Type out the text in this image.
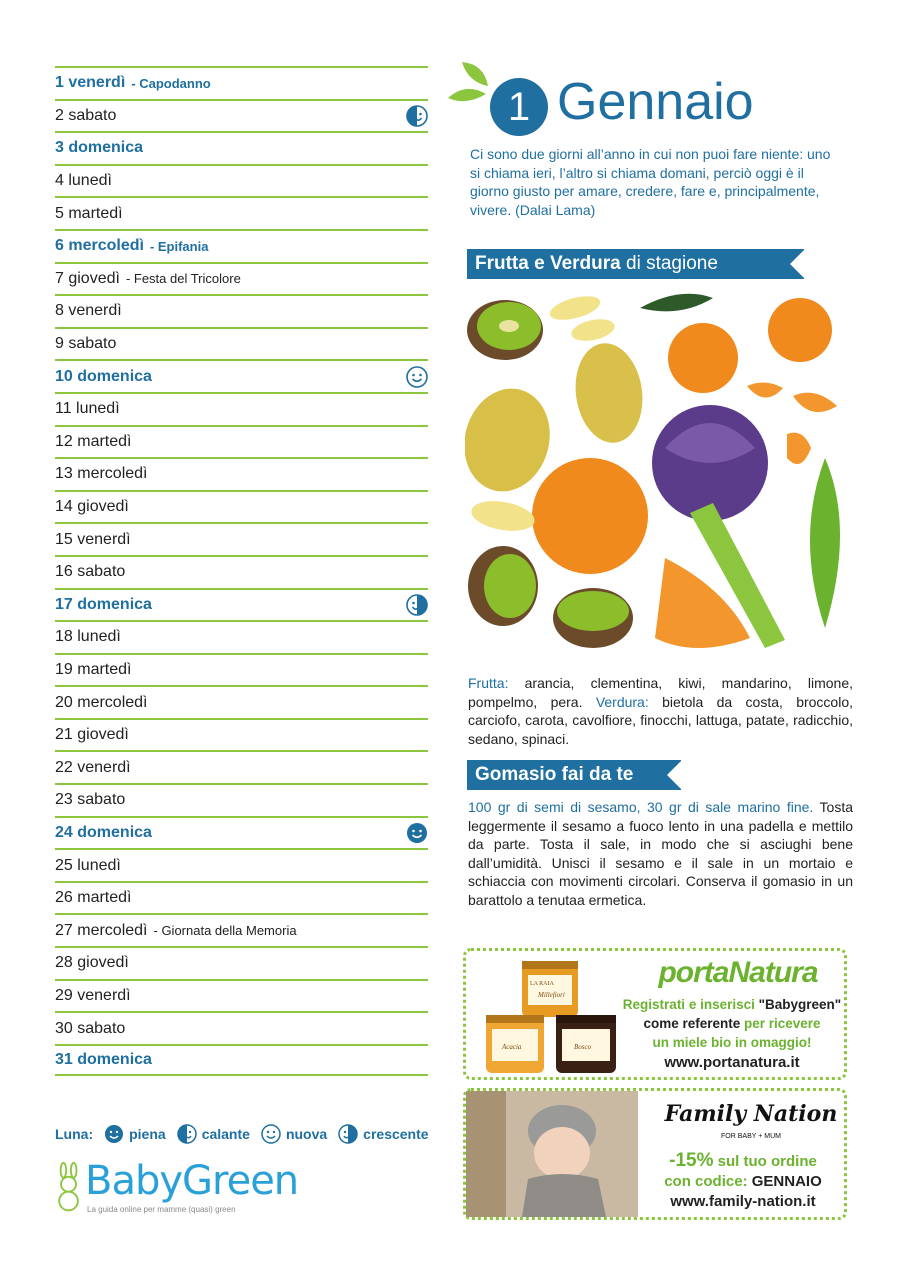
1 venerdì - Capodanno
2 sabato
3 domenica
4 lunedì
5 martedì
6 mercoledì - Epifania
7 giovedì - Festa del Tricolore
8 venerdì
9 sabato
10 domenica
11 lunedì
12 martedì
13 mercoledì
14 giovedì
15 venerdì
16 sabato
17 domenica
18 lunedì
19 martedì
20 mercoledì
21 giovedì
22 venerdì
23 sabato
24 domenica
25 lunedì
26 martedì
27 mercoledì - Giornata della Memoria
28 giovedì
29 venerdì
30 sabato
31 domenica
Luna:	piena	calante	nuova	crescente
BabyGreen
La guida online per mamme (quasi) green
1 Gennaio
Ci sono due giorni all’anno in cui non puoi fare niente: uno si chiama ieri, l’altro si chiama domani, perciò oggi è il giorno giusto per amare, credere, fare e, principalmente, vivere. (Dalai Lama)
Frutta e Verdura di stagione
Frutta: arancia, clementina, kiwi, mandarino, limone, pompelmo, pera. Verdura: bietola da costa, broccolo, carciofo, carota, cavolfiore, finocchi, lattuga, patate, radicchio, sedano, spinaci.
Gomasio fai da te
100 gr di semi di sesamo, 30 gr di sale marino fine. Tosta leggermente il sesamo a fuoco lento in una padella e mettilo da parte. Tosta il sale, in modo che si asciughi bene dall’umidità. Unisci il sesamo e il sale in un mortaio e schiaccia con movimenti circolari. Conserva il gomasio in un barattolo a tenutaa ermetica.
LA RAIA
Millefiori
Acacia	Bosco
portaNatura
Registrati e inserisci "Babygreen"
come referente per ricevere
un miele bio in omaggio!
www.portanatura.it
Family Nation
FOR BABY + MUM
-15% sul tuo ordine
con codice: GENNAIO
www.family-nation.it
